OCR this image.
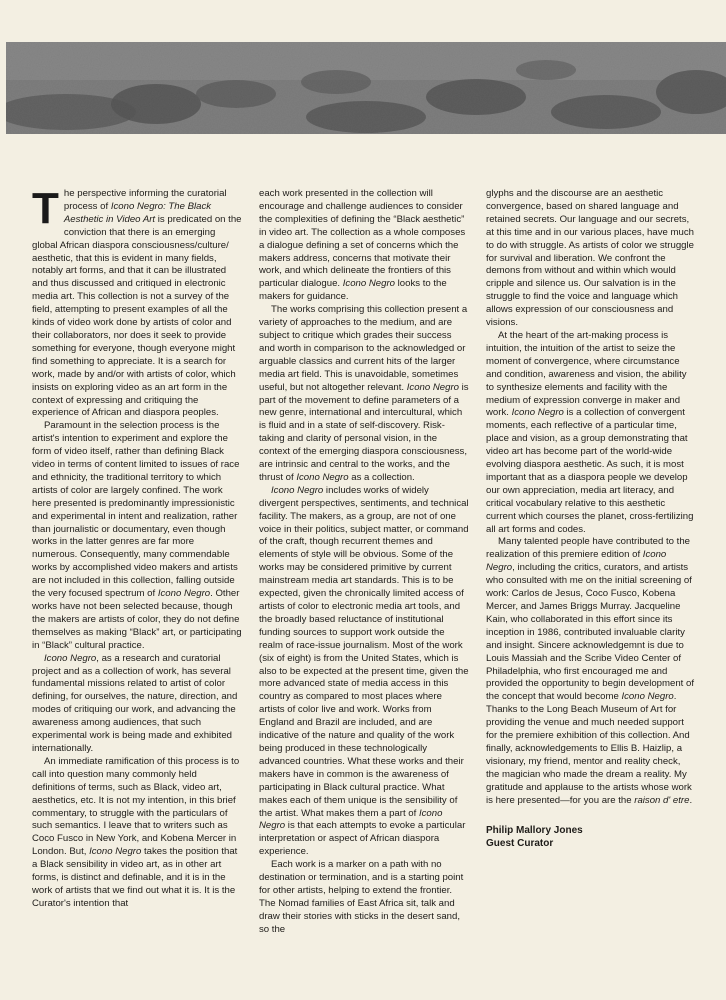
T he perspective informing the curatorial process of Icono Negro: The Black Aesthetic in Video Art is predicated on the conviction that there is an emerging global African diaspora consciousness/culture/ aesthetic, that this is evident in many fields, notably art forms, and that it can be illustrated and thus discussed and critiqued in electronic media art. This collection is not a survey of the field, attempting to present examples of all the kinds of video work done by artists of color and their collaborators, nor does it seek to provide something for everyone, though everyone might find something to appreciate. It is a search for work, made by and/or with artists of color, which insists on exploring video as an art form in the context of expressing and critiquing the experience of African and diaspora peoples.

Paramount in the selection process is the artist's intention to experiment and explore the form of video itself, rather than defining Black video in terms of content limited to issues of race and ethnicity, the traditional territory to which artists of color are largely confined. The work here presented is predominantly impressionistic and experimental in intent and realization, rather than journalistic or documentary, even though works in the latter genres are far more numerous. Consequently, many commendable works by accomplished video makers and artists are not included in this collection, falling outside the very focused spectrum of Icono Negro. Other works have not been selected because, though the makers are artists of color, they do not define themselves as making “Black” art, or participating in “Black” cultural practice.

Icono Negro, as a research and curatorial project and as a collection of work, has several fundamental missions related to artist of color defining, for ourselves, the nature, direction, and modes of critiquing our work, and advancing the awareness among audiences, that such experimental work is being made and exhibited internationally.

An immediate ramification of this process is to call into question many commonly held definitions of terms, such as Black, video art, aesthetics, etc. It is not my intention, in this brief commentary, to struggle with the particulars of such semantics. I leave that to writers such as Coco Fusco in New York, and Kobena Mercer in London. But, Icono Negro takes the position that a Black sensibility in video art, as in other art forms, is distinct and definable, and it is in the work of artists that we find out what it is. It is the Curator's intention that

each work presented in the collection will encourage and challenge audiences to consider the complexities of defining the “Black aesthetic” in video art. The collection as a whole composes a dialogue defining a set of concerns which the makers address, concerns that motivate their work, and which delineate the frontiers of this particular dialogue. Icono Negro looks to the makers for guidance.

The works comprising this collection present a variety of approaches to the medium, and are subject to critique which grades their success and worth in comparison to the acknowledged or arguable classics and current hits of the larger media art field. This is unavoidable, sometimes useful, but not altogether relevant. Icono Negro is part of the movement to define parameters of a new genre, international and intercultural, which is fluid and in a state of self-discovery. Risk-taking and clarity of personal vision, in the context of the emerging diaspora consciousness, are intrinsic and central to the works, and the thrust of Icono Negro as a collection.

Icono Negro includes works of widely divergent perspectives, sentiments, and technical facility. The makers, as a group, are not of one voice in their politics, subject matter, or command of the craft, though recurrent themes and elements of style will be obvious. Some of the works may be considered primitive by current mainstream media art standards. This is to be expected, given the chronically limited access of artists of color to electronic media art tools, and the broadly based reluctance of institutional funding sources to support work outside the realm of race-issue journalism. Most of the work (six of eight) is from the United States, which is also to be expected at the present time, given the more advanced state of media access in this country as compared to most places where artists of color live and work. Works from England and Brazil are included, and are indicative of the nature and quality of the work being produced in these technologically advanced countries. What these works and their makers have in common is the awareness of participating in Black cultural practice. What makes each of them unique is the sensibility of the artist. What makes them a part of Icono Negro is that each attempts to evoke a particular interpretation or aspect of African diaspora experience.

Each work is a marker on a path with no destination or termination, and is a starting point for other artists, helping to extend the frontier. The Nomad families of East Africa sit, talk and draw their stories with sticks in the desert sand, so the

glyphs and the discourse are an aesthetic convergence, based on shared language and retained secrets. Our language and our secrets, at this time and in our various places, have much to do with struggle. As artists of color we struggle for survival and liberation. We confront the demons from without and within which would cripple and silence us. Our salvation is in the struggle to find the voice and language which allows expression of our consciousness and visions.

At the heart of the art-making process is intuition, the intuition of the artist to seize the moment of convergence, where circumstance and condition, awareness and vision, the ability to synthesize elements and facility with the medium of expression converge in maker and work. Icono Negro is a collection of convergent moments, each reflective of a particular time, place and vision, as a group demonstrating that video art has become part of the world-wide evolving diaspora aesthetic. As such, it is most important that as a diaspora people we develop our own appreciation, media art literacy, and critical vocabulary relative to this aesthetic current which courses the planet, cross-fertilizing all art forms and codes.

Many talented people have contributed to the realization of this premiere edition of Icono Negro, including the critics, curators, and artists who consulted with me on the initial screening of work: Carlos de Jesus, Coco Fusco, Kobena Mercer, and James Briggs Murray. Jacqueline Kain, who collaborated in this effort since its inception in 1986, contributed invaluable clarity and insight. Sincere acknowledgemnt is due to Louis Massiah and the Scribe Video Center of Philadelphia, who first encouraged me and provided the opportunity to begin development of the concept that would become Icono Negro. Thanks to the Long Beach Museum of Art for providing the venue and much needed support for the premiere exhibition of this collection. And finally, acknowledgements to Ellis B. Haizlip, a visionary, my friend, mentor and reality check, the magician who made the dream a reality. My gratitude and applause to the artists whose work is here presented—for you are the raison d' etre.

Philip Mallory Jones
Guest Curator
